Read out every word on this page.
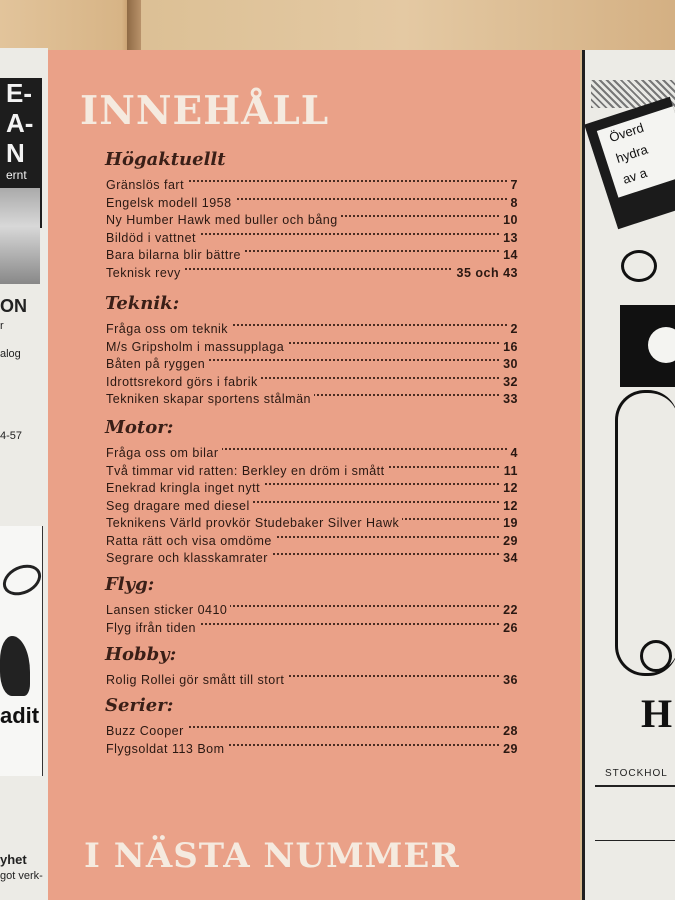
E-
A-
N
ernt
ON
r
alog
4-57
adit
yhet
got verk-
INNEHÅLL
Högaktuellt
Gränslös fart	7
Engelsk modell 1958	8
Ny Humber Hawk med buller och bång	10
Bildöd i vattnet	13
Bara bilarna blir bättre	14
Teknisk revy	35 och 43
Teknik:
Fråga oss om teknik	2
M/s Gripsholm i massupplaga	16
Båten på ryggen	30
Idrottsrekord görs i fabrik	32
Tekniken skapar sportens stålmän	33
Motor:
Fråga oss om bilar	4
Två timmar vid ratten: Berkley en dröm i smått	11
Enekrad kringla inget nytt	12
Seg dragare med diesel	12
Teknikens Värld provkör Studebaker Silver Hawk	19
Ratta rätt och visa omdöme	29
Segrare och klasskamrater	34
Flyg:
Lansen sticker 0410	22
Flyg ifrån tiden	26
Hobby:
Rolig Rollei gör smått till stort	36
Serier:
Buzz Cooper	28
Flygsoldat 113 Bom	29
I NÄSTA NUMMER
Överd
hydra
av a
H
STOCKHOL
